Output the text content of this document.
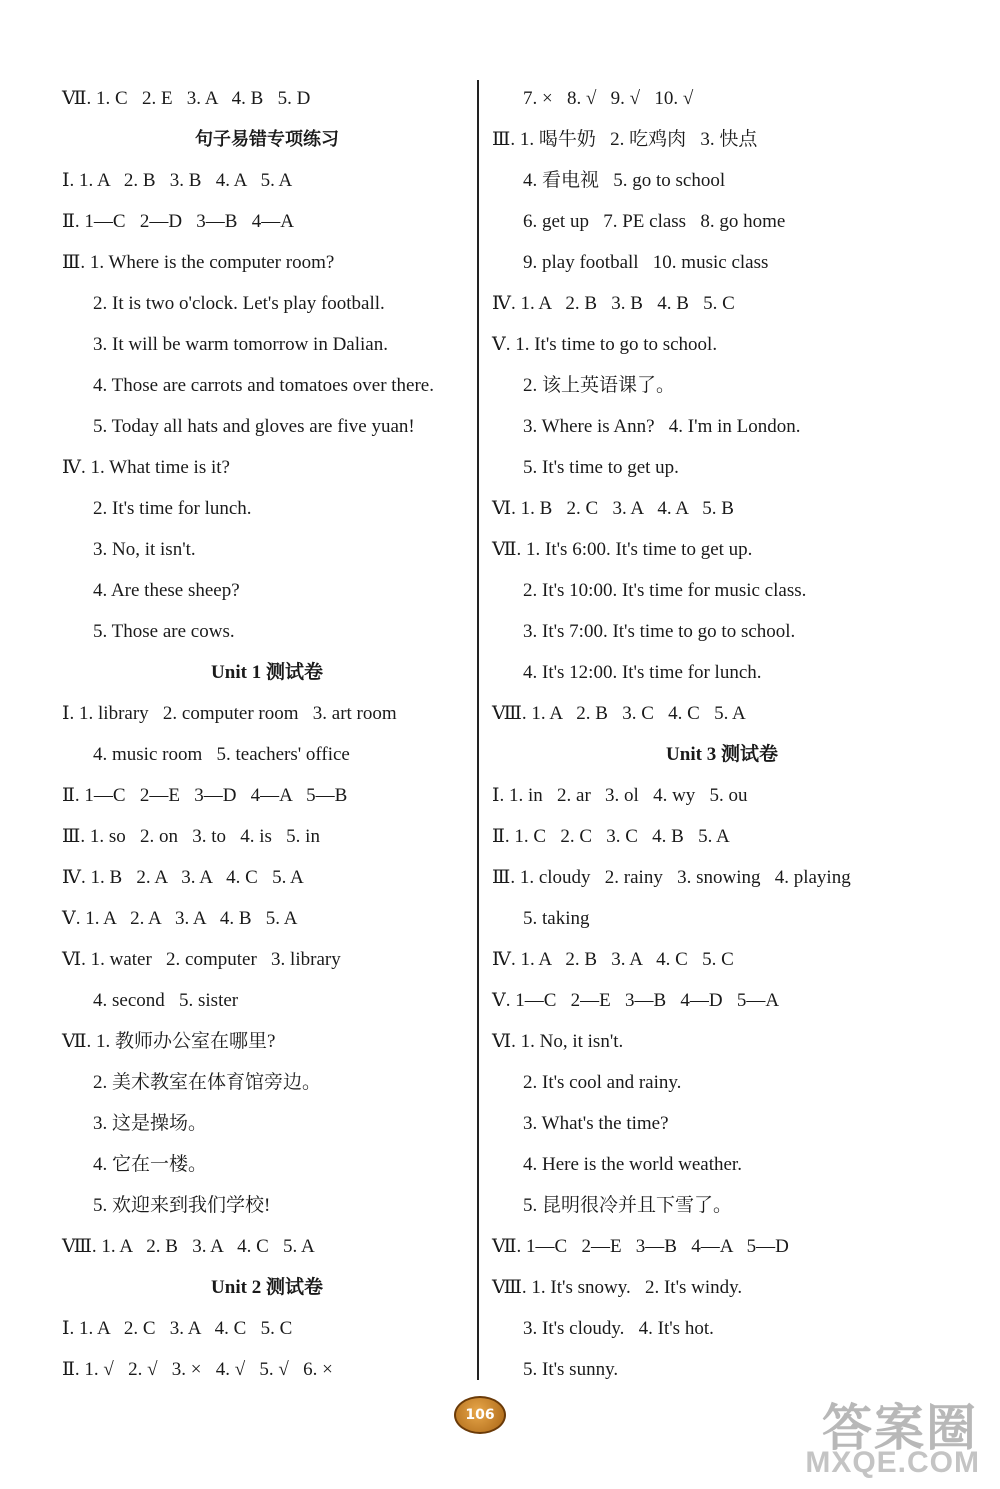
Ⅶ. 1. C   2. E   3. A   4. B   5. D
句子易错专项练习
Ⅰ. 1. A   2. B   3. B   4. A   5. A
Ⅱ. 1—C   2—D   3—B   4—A
Ⅲ. 1. Where is the computer room?
2. It is two o'clock. Let's play football.
3. It will be warm tomorrow in Dalian.
4. Those are carrots and tomatoes over there.
5. Today all hats and gloves are five yuan!
Ⅳ. 1. What time is it?
2. It's time for lunch.
3. No, it isn't.
4. Are these sheep?
5. Those are cows.
Unit 1 测试卷
Ⅰ. 1. library   2. computer room   3. art room
4. music room   5. teachers' office
Ⅱ. 1—C   2—E   3—D   4—A   5—B
Ⅲ. 1. so   2. on   3. to   4. is   5. in
Ⅳ. 1. B   2. A   3. A   4. C   5. A
Ⅴ. 1. A   2. A   3. A   4. B   5. A
Ⅵ. 1. water   2. computer   3. library
4. second   5. sister
Ⅶ. 1. 教师办公室在哪里?
2. 美术教室在体育馆旁边。
3. 这是操场。
4. 它在一楼。
5. 欢迎来到我们学校!
Ⅷ. 1. A   2. B   3. A   4. C   5. A
Unit 2 测试卷
Ⅰ. 1. A   2. C   3. A   4. C   5. C
Ⅱ. 1. √   2. √   3. ×   4. √   5. √   6. ×
7. ×   8. √   9. √   10. √
Ⅲ. 1. 喝牛奶   2. 吃鸡肉   3. 快点
4. 看电视   5. go to school
6. get up   7. PE class   8. go home
9. play football   10. music class
Ⅳ. 1. A   2. B   3. B   4. B   5. C
Ⅴ. 1. It's time to go to school.
2. 该上英语课了。
3. Where is Ann?   4. I'm in London.
5. It's time to get up.
Ⅵ. 1. B   2. C   3. A   4. A   5. B
Ⅶ. 1. It's 6:00. It's time to get up.
2. It's 10:00. It's time for music class.
3. It's 7:00. It's time to go to school.
4. It's 12:00. It's time for lunch.
Ⅷ. 1. A   2. B   3. C   4. C   5. A
Unit 3 测试卷
Ⅰ. 1. in   2. ar   3. ol   4. wy   5. ou
Ⅱ. 1. C   2. C   3. C   4. B   5. A
Ⅲ. 1. cloudy   2. rainy   3. snowing   4. playing
5. taking
Ⅳ. 1. A   2. B   3. A   4. C   5. C
Ⅴ. 1—C   2—E   3—B   4—D   5—A
Ⅵ. 1. No, it isn't.
2. It's cool and rainy.
3. What's the time?
4. Here is the world weather.
5. 昆明很冷并且下雪了。
Ⅶ. 1—C   2—E   3—B   4—A   5—D
Ⅷ. 1. It's snowy.   2. It's windy.
3. It's cloudy.   4. It's hot.
5. It's sunny.
106	答案圈
MXQE.COM
